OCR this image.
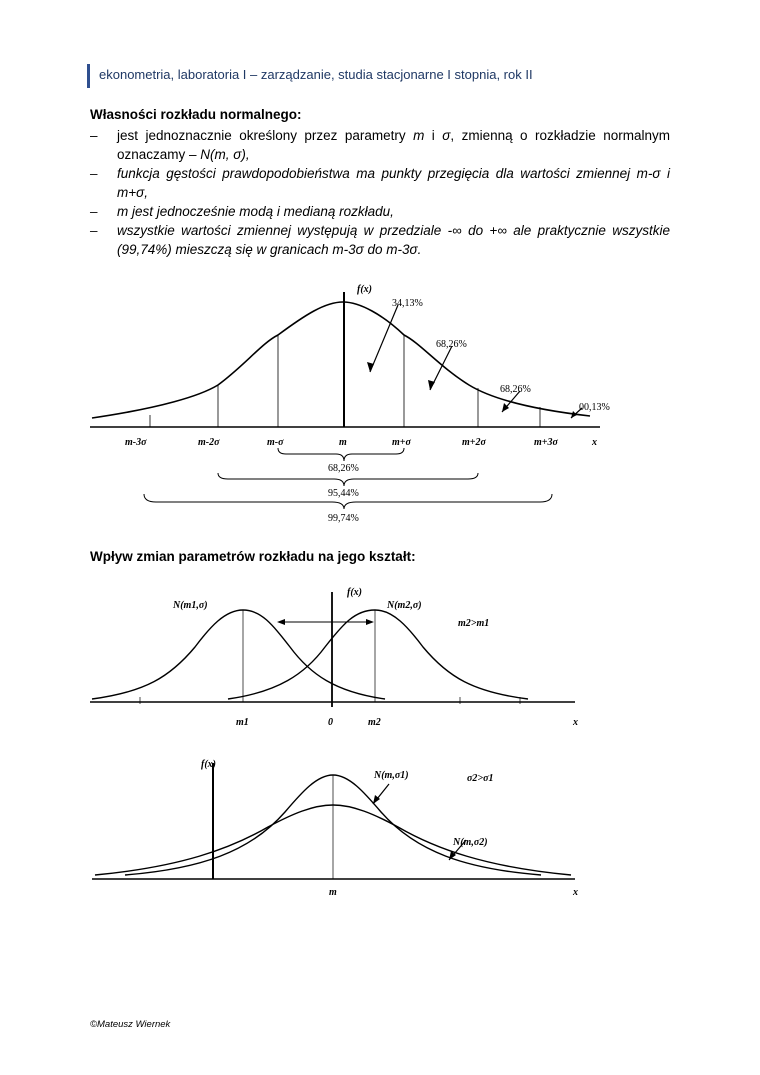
ekonometria, laboratoria I – zarządzanie, studia stacjonarne I stopnia, rok II
Własności rozkładu normalnego:
– jest jednoznacznie określony przez parametry m i σ, zmienną o rozkładzie normalnym oznaczamy – N(m, σ),
– funkcja gęstości prawdopodobieństwa ma punkty przegięcia dla wartości zmiennej m-σ i m+σ,
– m jest jednocześnie modą i medianą rozkładu,
– wszystkie wartości zmiennej występują w przedziale -∞ do +∞ ale praktycznie wszystkie (99,74%) mieszczą się w granicach m-3σ do m-3σ.
f(x)
34,13%
68,26%
68,26%
00,13%
m-3σ	m-2σ	m-σ	m	m+σ	m+2σ	m+3σ	x
68,26%
95,44%
99,74%
Wpływ zmian parametrów rozkładu na jego kształt:
f(x)
N(m1,σ)	N(m2,σ)
m2>m1
m1	0	m2	x
f(x)
N(m,σ1)	σ2>σ1
N(m,σ2)
m	x
©Mateusz Wiernek
